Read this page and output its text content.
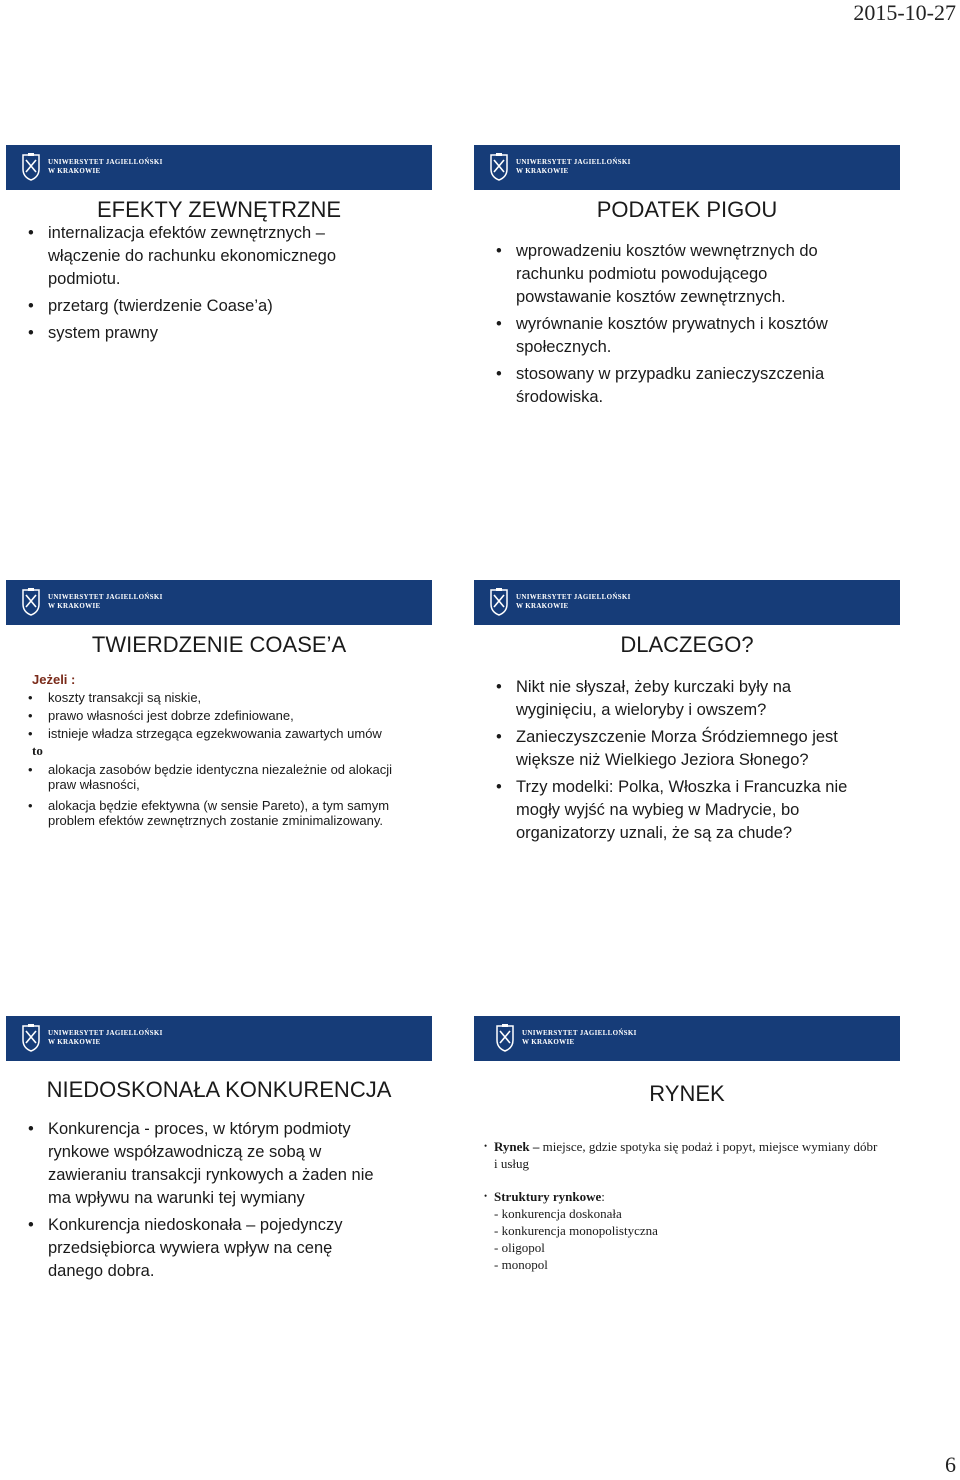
2015-10-27
UNIWERSYTET JAGIELLOŃSKI
W KRAKOWIE
EFEKTY ZEWNĘTRZNE
• internalizacja efektów zewnętrznych – włączenie do rachunku ekonomicznego podmiotu.
• przetarg (twierdzenie Coase’a)
• system prawny
UNIWERSYTET JAGIELLOŃSKI
W KRAKOWIE
PODATEK PIGOU
• wprowadzeniu kosztów wewnętrznych do rachunku podmiotu powodującego powstawanie kosztów zewnętrznych.
• wyrównanie kosztów prywatnych i kosztów społecznych.
• stosowany w przypadku zanieczyszczenia środowiska.
UNIWERSYTET JAGIELLOŃSKI
W KRAKOWIE
TWIERDZENIE COASE’A
Jeżeli :
• koszty transakcji są niskie,
• prawo własności jest dobrze zdefiniowane,
• istnieje władza strzegąca egzekwowania zawartych umów
to
• alokacja zasobów będzie identyczna niezależnie od alokacji praw własności,
• alokacja będzie efektywna (w sensie Pareto), a tym samym problem efektów zewnętrznych zostanie zminimalizowany.
UNIWERSYTET JAGIELLOŃSKI
W KRAKOWIE
DLACZEGO?
• Nikt nie słyszał, żeby kurczaki były na wyginięciu, a wieloryby i owszem?
• Zanieczyszczenie Morza Śródziemnego jest większe niż Wielkiego Jeziora Słonego?
• Trzy modelki: Polka, Włoszka i Francuzka nie mogły wyjść na wybieg w Madrycie, bo organizatorzy uznali, że są za chude?
UNIWERSYTET JAGIELLOŃSKI
W KRAKOWIE
NIEDOSKONAŁA KONKURENCJA
• Konkurencja - proces, w którym podmioty rynkowe współzawodniczą ze sobą w zawieraniu transakcji rynkowych a żaden nie ma wpływu na warunki tej wymiany
• Konkurencja niedoskonała – pojedynczy przedsiębiorca wywiera wpływ na cenę danego dobra.
UNIWERSYTET JAGIELLOŃSKI
W KRAKOWIE
RYNEK
• Rynek – miejsce, gdzie spotyka się podaż i popyt, miejsce wymiany dóbr i usług
• Struktury rynkowe:
- konkurencja doskonała
- konkurencja monopolistyczna
- oligopol
- monopol
6
